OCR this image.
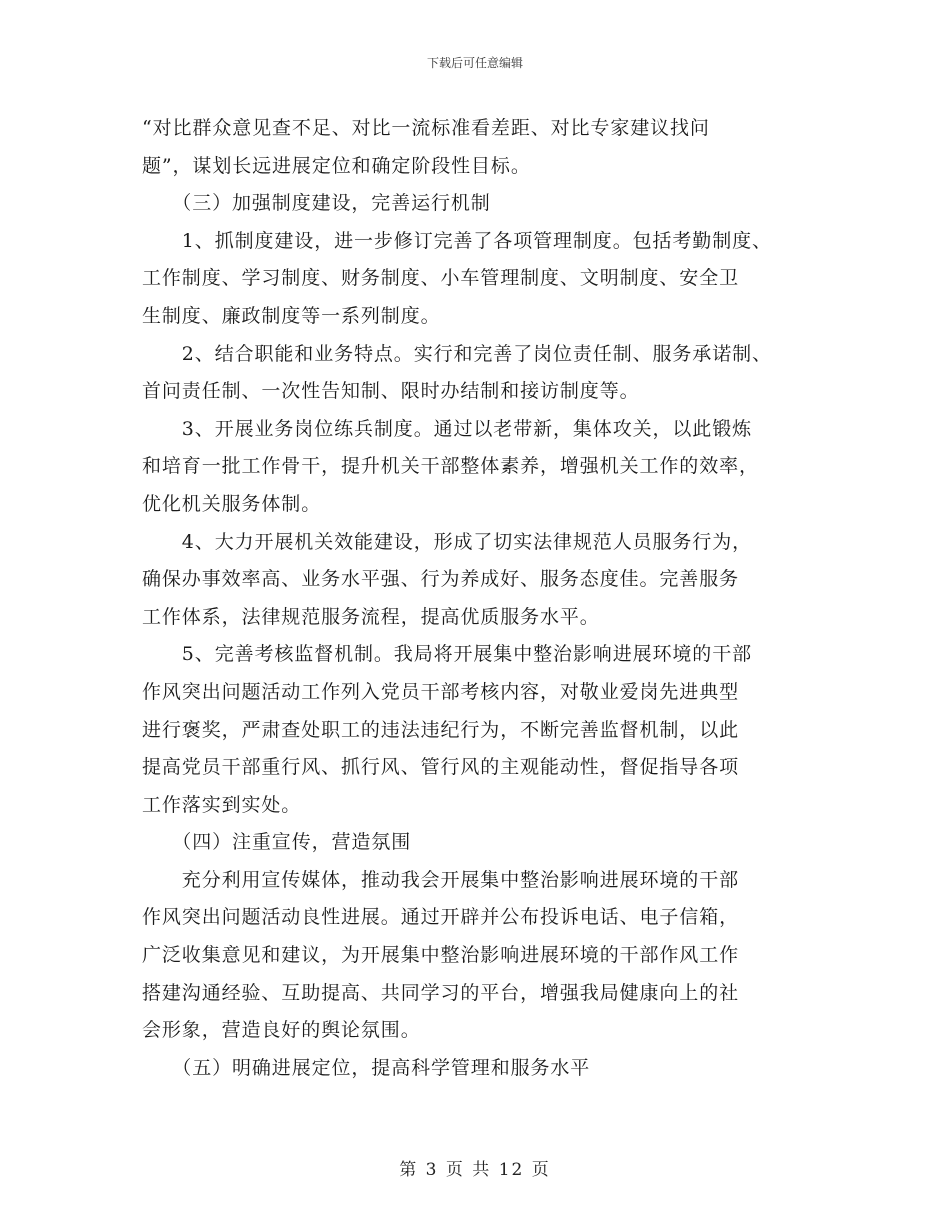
下载后可任意编辑
“对比群众意见查不足、对比一流标准看差距、对比专家建议找问
题”，谋划长远进展定位和确定阶段性目标。
　　（三）加强制度建设，完善运行机制
　　1、抓制度建设，进一步修订完善了各项管理制度。包括考勤制度、
工作制度、学习制度、财务制度、小车管理制度、文明制度、安全卫
生制度、廉政制度等一系列制度。
　　2、结合职能和业务特点。实行和完善了岗位责任制、服务承诺制、
首问责任制、一次性告知制、限时办结制和接访制度等。
　　3、开展业务岗位练兵制度。通过以老带新，集体攻关，以此锻炼
和培育一批工作骨干，提升机关干部整体素养，增强机关工作的效率，
优化机关服务体制。
　　4、大力开展机关效能建设，形成了切实法律规范人员服务行为，
确保办事效率高、业务水平强、行为养成好、服务态度佳。完善服务
工作体系，法律规范服务流程，提高优质服务水平。
　　5、完善考核监督机制。我局将开展集中整治影响进展环境的干部
作风突出问题活动工作列入党员干部考核内容，对敬业爱岗先进典型
进行褒奖，严肃查处职工的违法违纪行为，不断完善监督机制，以此
提高党员干部重行风、抓行风、管行风的主观能动性，督促指导各项
工作落实到实处。
　　（四）注重宣传，营造氛围
　　充分利用宣传媒体，推动我会开展集中整治影响进展环境的干部
作风突出问题活动良性进展。通过开辟并公布投诉电话、电子信箱，
广泛收集意见和建议，为开展集中整治影响进展环境的干部作风工作
搭建沟通经验、互助提高、共同学习的平台，增强我局健康向上的社
会形象，营造良好的舆论氛围。
　　（五）明确进展定位，提高科学管理和服务水平
第 3 页 共 12 页
